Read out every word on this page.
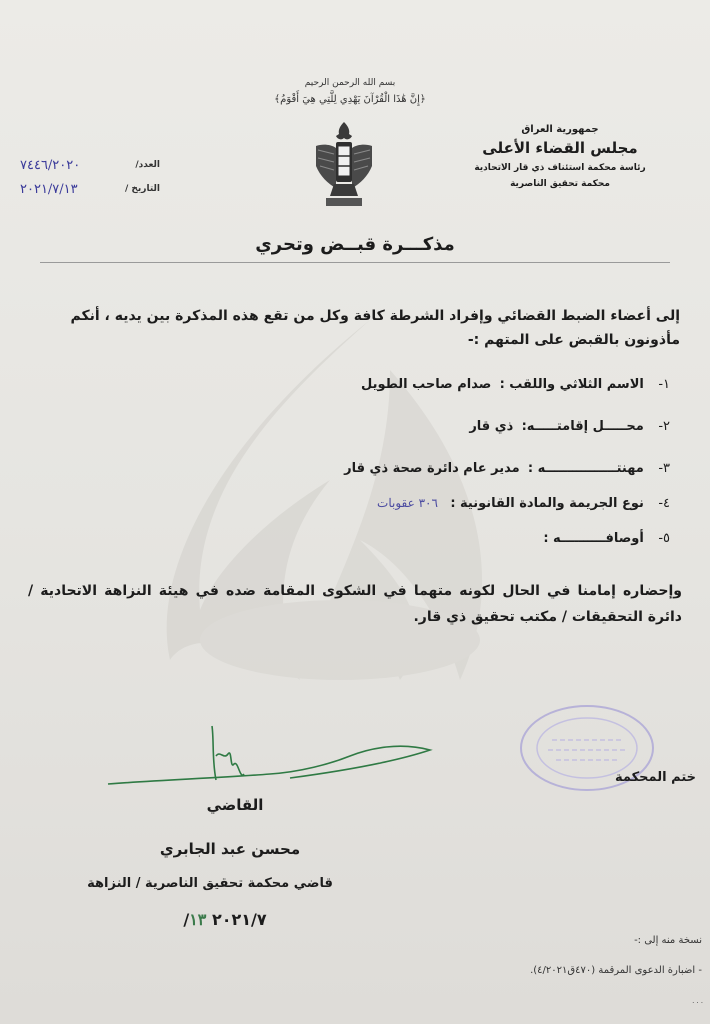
بسم الله الرحمن الرحيم
﴿إِنَّ هَٰذَا الْقُرْآنَ يَهْدِي لِلَّتِي هِيَ أَقْوَمُ﴾
جمهورية العراق
مجلس القضاء الأعلى
رئاسة محكمة استئناف ذي قار الاتحادية
محكمة تحقيق الناصرية
العدد/
٧٤٤٦/٢٠٢٠
التاريخ /
٢٠٢١/٧/١٣
مذكـــرة قبــض وتحري
إلى أعضاء الضبط القضائي وإفراد الشرطة كافة وكل من تقع هذه المذكرة بين يديه ، أنكم مأذونون بالقبض على المتهم :-
١- الاسم الثلاثي واللقب :  صدام صاحب الطويل
٢- محـــــل إقامتـــــه:  ذي قار
٣- مهنتــــــــــــــــه :  مدير عام دائرة صحة ذي قار
٤- نوع الجريمة والمادة القانونية :   ٣٠٦ عقوبات
٥- أوصافــــــــــه :
وإحضاره إمامنا في الحال لكونه متهما في الشكوى المقامة ضده في هيئة النزاهة الاتحادية / دائرة التحقيقات / مكتب تحقيق ذي قار.
ختم المحكمة
القاضي
محسن عبد الجابري
قاضي محكمة تحقيق الناصرية / النزاهة
/٢٠٢١/٧ ١٣
نسخة منه إلى :-
- اضبارة الدعوى المرقمة (٤٧٠ق٤/٢٠٢١).
٠٠٠
